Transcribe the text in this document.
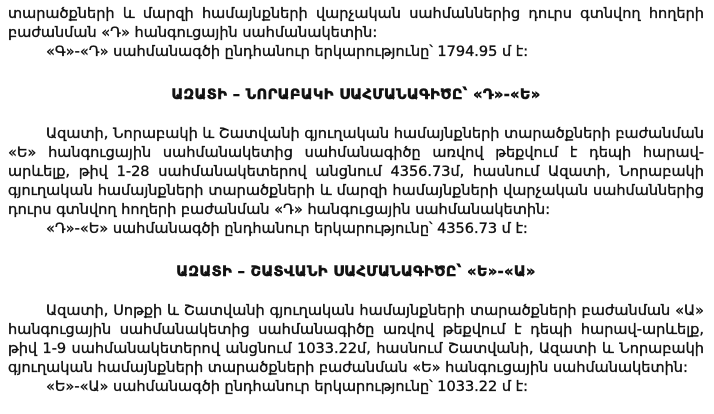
տարածքների և մարզի համայնքների վարչական սահմաններից դուրս գտնվող հողերի բաժանման «Դ» հանգուցային սահմանակետին:

«Գ»-«Դ» սահմանագծի ընդհանուր երկարությունը՝ 1794.95 մ է:

ԱԶԱՏԻ – ՆՈՐԱԲԱԿԻ ՍԱՀՄԱՆԱԳԻԾԸ՝ «Դ»-«Ե»

Ազատի, Նորաբակի և Շատվանի գյուղական համայնքների տարածքների բաժանման «Ե» հանգուցային սահմանակետից սահմանագիծը առվով թեքվում է դեպի հարավ-արևելք, թիվ 1-28 սահմանակետերով անցնում 4356.73մ, հասնում Ազատի, Նորաբակի գյուղական համայնքների տարածքների և մարզի համայնքների վարչական սահմաններից դուրս գտնվող հողերի բաժանման «Դ» հանգուցային սահմանակետին:

«Դ»-«Ե» սահմանագծի ընդհանուր երկարությունը՝ 4356.73 մ է:

ԱԶԱՏԻ – ՇԱՏՎԱՆԻ ՍԱՀՄԱՆԱԳԻԾԸ՝ «Ե»-«Ա»

Ազատի, Սոթքի և Շատվանի գյուղական համայնքների տարածքների բաժանման «Ա» հանգուցային սահմանակետից սահմանագիծը առվով թեքվում է դեպի հարավ-արևելք, թիվ 1-9 սահմանակետերով անցնում 1033.22մ, հասնում Շատվանի, Ազատի և Նորաբակի գյուղական համայնքների տարածքների բաժանման «Ե» հանգուցային սահմանակետին:

«Ե»-«Ա» սահմանագծի ընդհանուր երկարությունը՝ 1033.22 մ է:
